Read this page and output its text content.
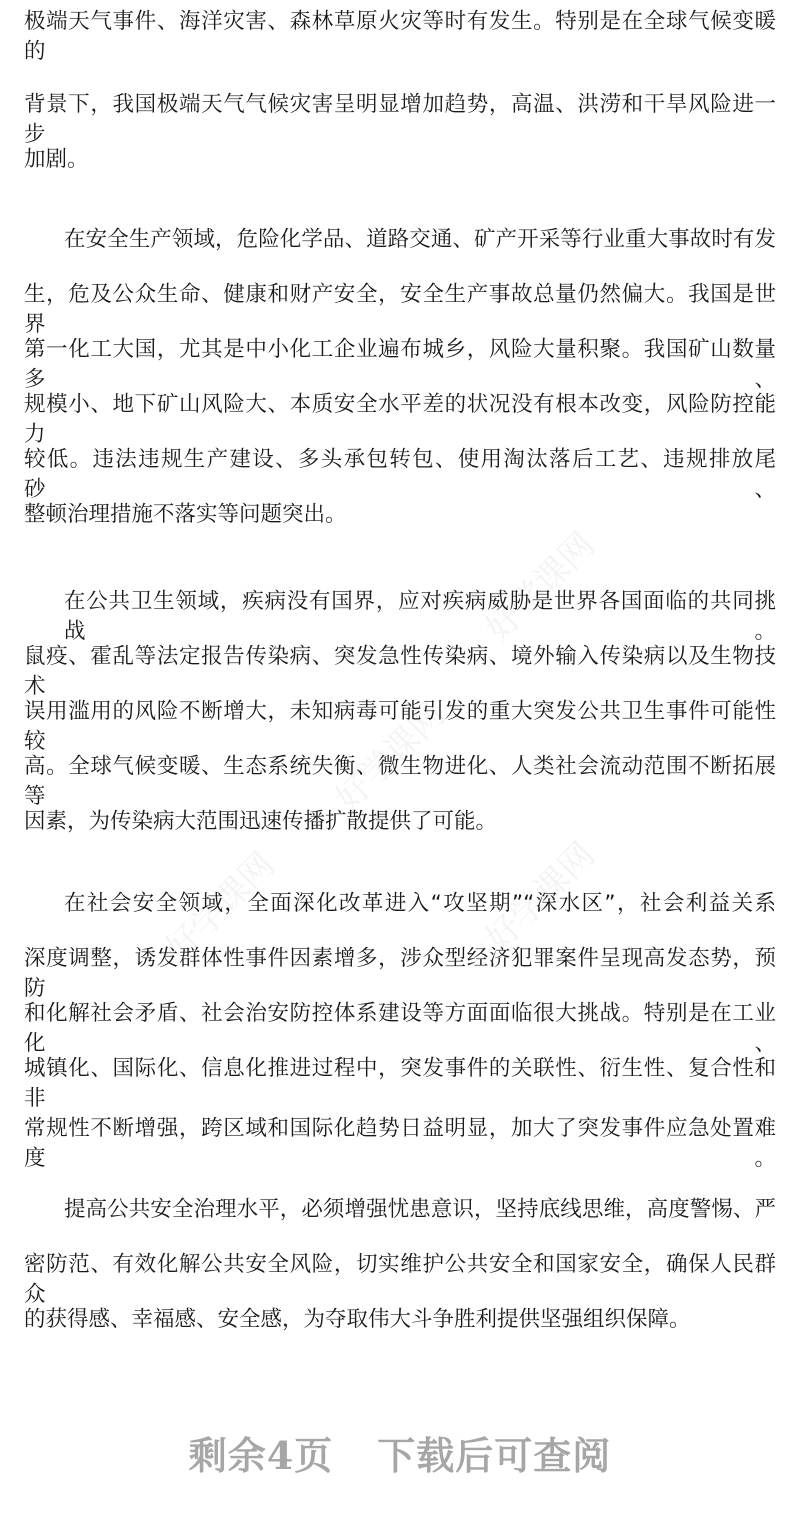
好学课网
好学课网
好学课网
好学课网
极端天气事件、海洋灾害、森林草原火灾等时有发生。特别是在全球气候变暖的
背景下，我国极端天气气候灾害呈明显增加趋势，高温、洪涝和干旱风险进一步
加剧。
在安全生产领域，危险化学品、道路交通、矿产开采等行业重大事故时有发
生，危及公众生命、健康和财产安全，安全生产事故总量仍然偏大。我国是世界
第一化工大国，尤其是中小化工企业遍布城乡，风险大量积聚。我国矿山数量多、
规模小、地下矿山风险大、本质安全水平差的状况没有根本改变，风险防控能力
较低。违法违规生产建设、多头承包转包、使用淘汰落后工艺、违规排放尾砂、
整顿治理措施不落实等问题突出。
在公共卫生领域，疾病没有国界，应对疾病威胁是世界各国面临的共同挑战。
鼠疫、霍乱等法定报告传染病、突发急性传染病、境外输入传染病以及生物技术
误用滥用的风险不断增大，未知病毒可能引发的重大突发公共卫生事件可能性较
高。全球气候变暖、生态系统失衡、微生物进化、人类社会流动范围不断拓展等
因素，为传染病大范围迅速传播扩散提供了可能。
在社会安全领域，全面深化改革进入“攻坚期”“深水区”，社会利益关系
深度调整，诱发群体性事件因素增多，涉众型经济犯罪案件呈现高发态势，预防
和化解社会矛盾、社会治安防控体系建设等方面面临很大挑战。特别是在工业化、
城镇化、国际化、信息化推进过程中，突发事件的关联性、衍生性、复合性和非
常规性不断增强，跨区域和国际化趋势日益明显，加大了突发事件应急处置难度。
提高公共安全治理水平，必须增强忧患意识，坚持底线思维，高度警惕、严
密防范、有效化解公共安全风险，切实维护公共安全和国家安全，确保人民群众
的获得感、幸福感、安全感，为夺取伟大斗争胜利提供坚强组织保障。
剩余4页 下载后可查阅
